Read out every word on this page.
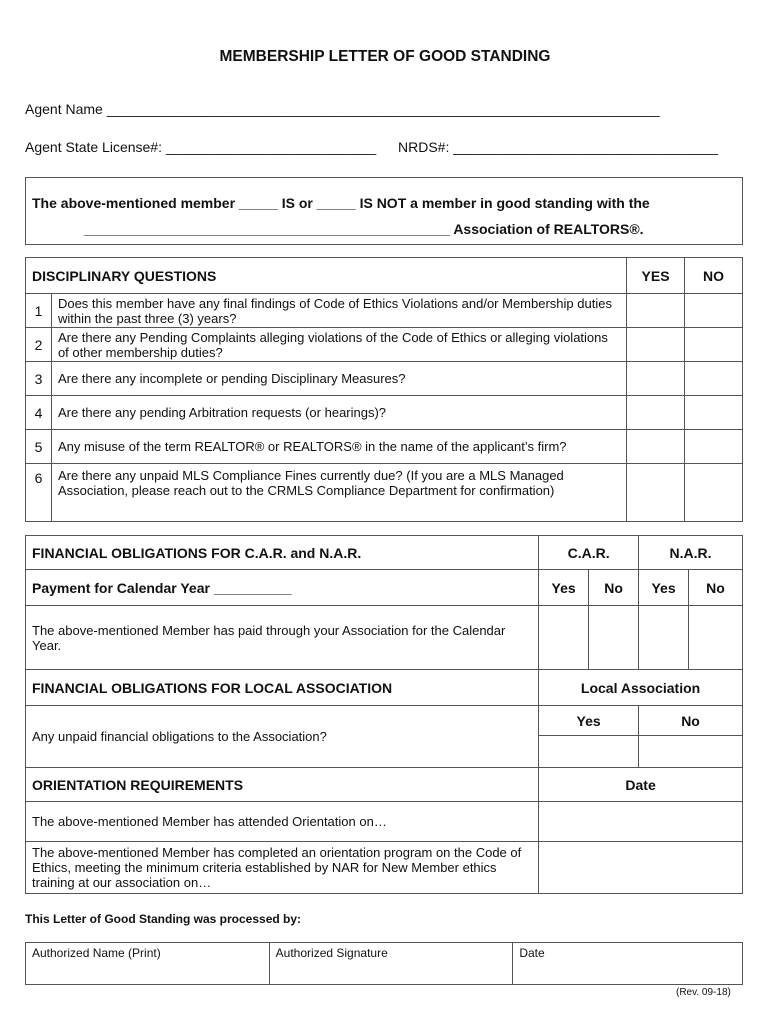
MEMBERSHIP LETTER OF GOOD STANDING
Agent Name _______________________________________________________________________
Agent State License#: ___________________________ NRDS#: __________________________________
The above-mentioned member _____ IS or _____ IS NOT a member in good standing with the
_______________________________________________ Association of REALTORS®.
DISCIPLINARY QUESTIONS		YES	NO
1	Does this member have any final findings of Code of Ethics Violations and/or Membership duties within the past three (3) years?		
2	Are there any Pending Complaints alleging violations of the Code of Ethics or alleging violations of other membership duties?		
3	Are there any incomplete or pending Disciplinary Measures?		
4	Are there any pending Arbitration requests (or hearings)?		
5	Any misuse of the term REALTOR® or REALTORS® in the name of the applicant’s firm?		
6	Are there any unpaid MLS Compliance Fines currently due? (If you are a MLS Managed Association, please reach out to the CRMLS Compliance Department for confirmation)		
FINANCIAL OBLIGATIONS FOR C.A.R. and N.A.R.	C.A.R.		N.A.R.	
Payment for Calendar Year __________	Yes	No	Yes	No
The above-mentioned Member has paid through your Association for the Calendar Year.				
FINANCIAL OBLIGATIONS FOR LOCAL ASSOCIATION	Local Association			
Any unpaid financial obligations to the Association?	Yes		No	

ORIENTATION REQUIREMENTS	Date			
The above-mentioned Member has attended Orientation on…				
The above-mentioned Member has completed an orientation program on the Code of Ethics, meeting the minimum criteria established by NAR for New Member ethics training at our association on…				
This Letter of Good Standing was processed by:
Authorized Name (Print)	Authorized Signature	Date
(Rev. 09-18)
